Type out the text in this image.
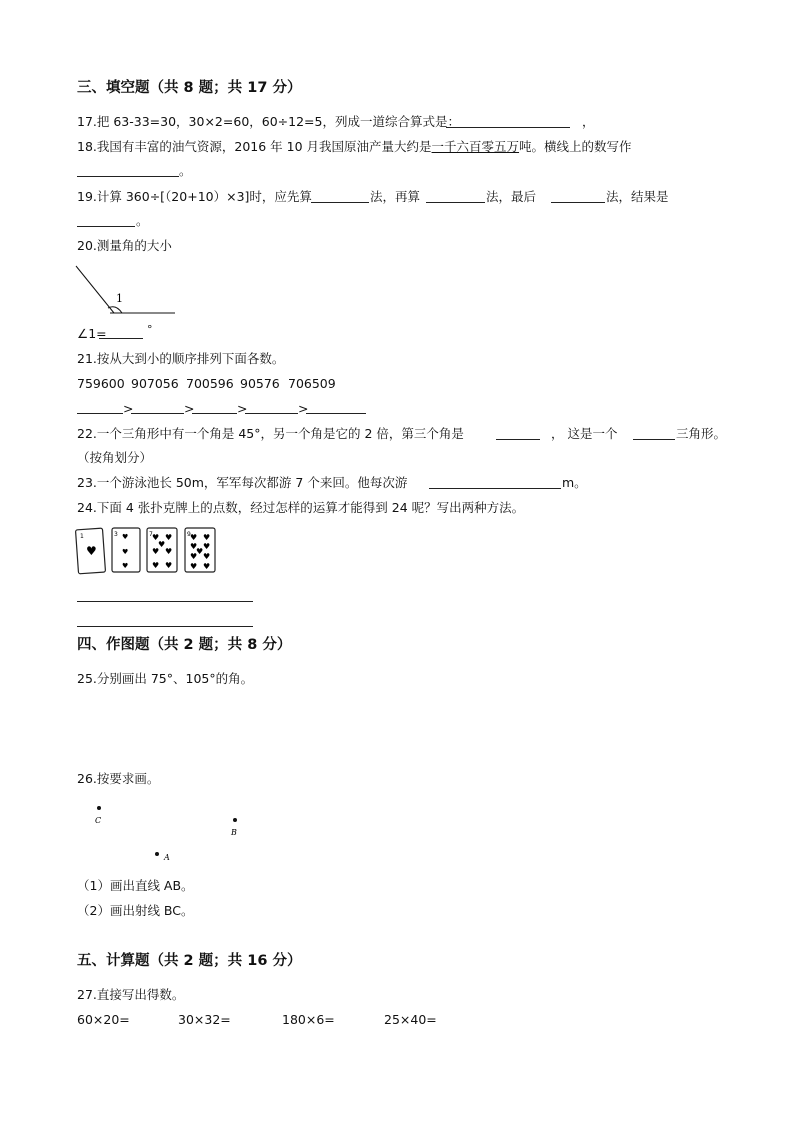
三、填空题（共 8 题；共 17 分）
17.把 63-33=30，30×2=60，60÷12=5，列成一道综合算式是：	，
18.我国有丰富的油气资源，2016 年 10 月我国原油产量大约是一千六百零五万吨。横线上的数写作
。
19.计算 360÷[（20+10）×3]时，应先算	法，再算	法，最后	法，结果是
。
20.测量角的大小
1
∠1=	°
21.按从大到小的顺序排列下面各数。
759600 907056 700596 90576 706509
>	>	>	>
22.一个三角形中有一个角是 45°，另一个角是它的 2 倍，第三个角是	， 这是一个	三角形。
（按角划分）
23.一个游泳池长 50m，军军每次都游 7 个来回。他每次游	m。
24.下面 4 张扑克牌上的点数，经过怎样的运算才能得到 24 呢？写出两种方法。
1
♥
3 ♥
♥
♥
7 ♥ ♥
♥
♥ ♥
♥ ♥
9 ♥ ♥
♥ ♥
♥
♥ ♥
♥ ♥
四、作图题（共 2 题；共 8 分）
25.分别画出 75°、105°的角。
26.按要求画。
C
B
A
（1）画出直线 AB。
（2）画出射线 BC。
五、计算题（共 2 题；共 16 分）
27.直接写出得数。
60×20=	30×32=	180×6=	25×40=
